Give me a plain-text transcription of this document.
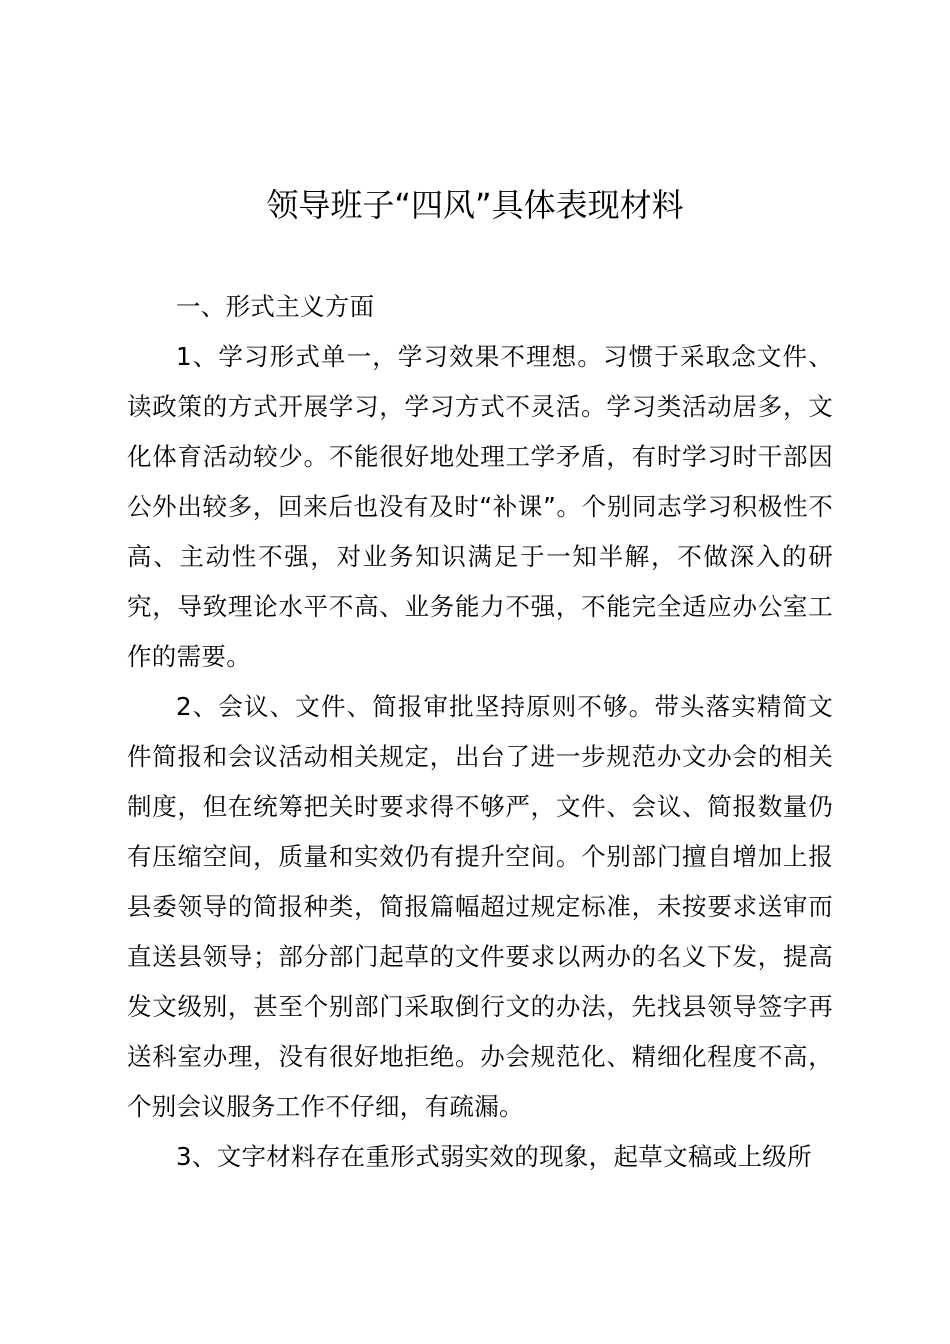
领导班子“四风”具体表现材料

一、形式主义方面

1、学习形式单一，学习效果不理想。习惯于采取念文件、读政策的方式开展学习，学习方式不灵活。学习类活动居多，文化体育活动较少。不能很好地处理工学矛盾，有时学习时干部因公外出较多，回来后也没有及时“补课”。个别同志学习积极性不高、主动性不强，对业务知识满足于一知半解，不做深入的研究，导致理论水平不高、业务能力不强，不能完全适应办公室工作的需要。

2、会议、文件、简报审批坚持原则不够。带头落实精简文件简报和会议活动相关规定，出台了进一步规范办文办会的相关制度，但在统筹把关时要求得不够严，文件、会议、简报数量仍有压缩空间，质量和实效仍有提升空间。个别部门擅自增加上报县委领导的简报种类，简报篇幅超过规定标准，未按要求送审而直送县领导；部分部门起草的文件要求以两办的名义下发，提高发文级别，甚至个别部门采取倒行文的办法，先找县领导签字再送科室办理，没有很好地拒绝。办会规范化、精细化程度不高，个别会议服务工作不仔细，有疏漏。

3、文字材料存在重形式弱实效的现象，起草文稿或上级所
